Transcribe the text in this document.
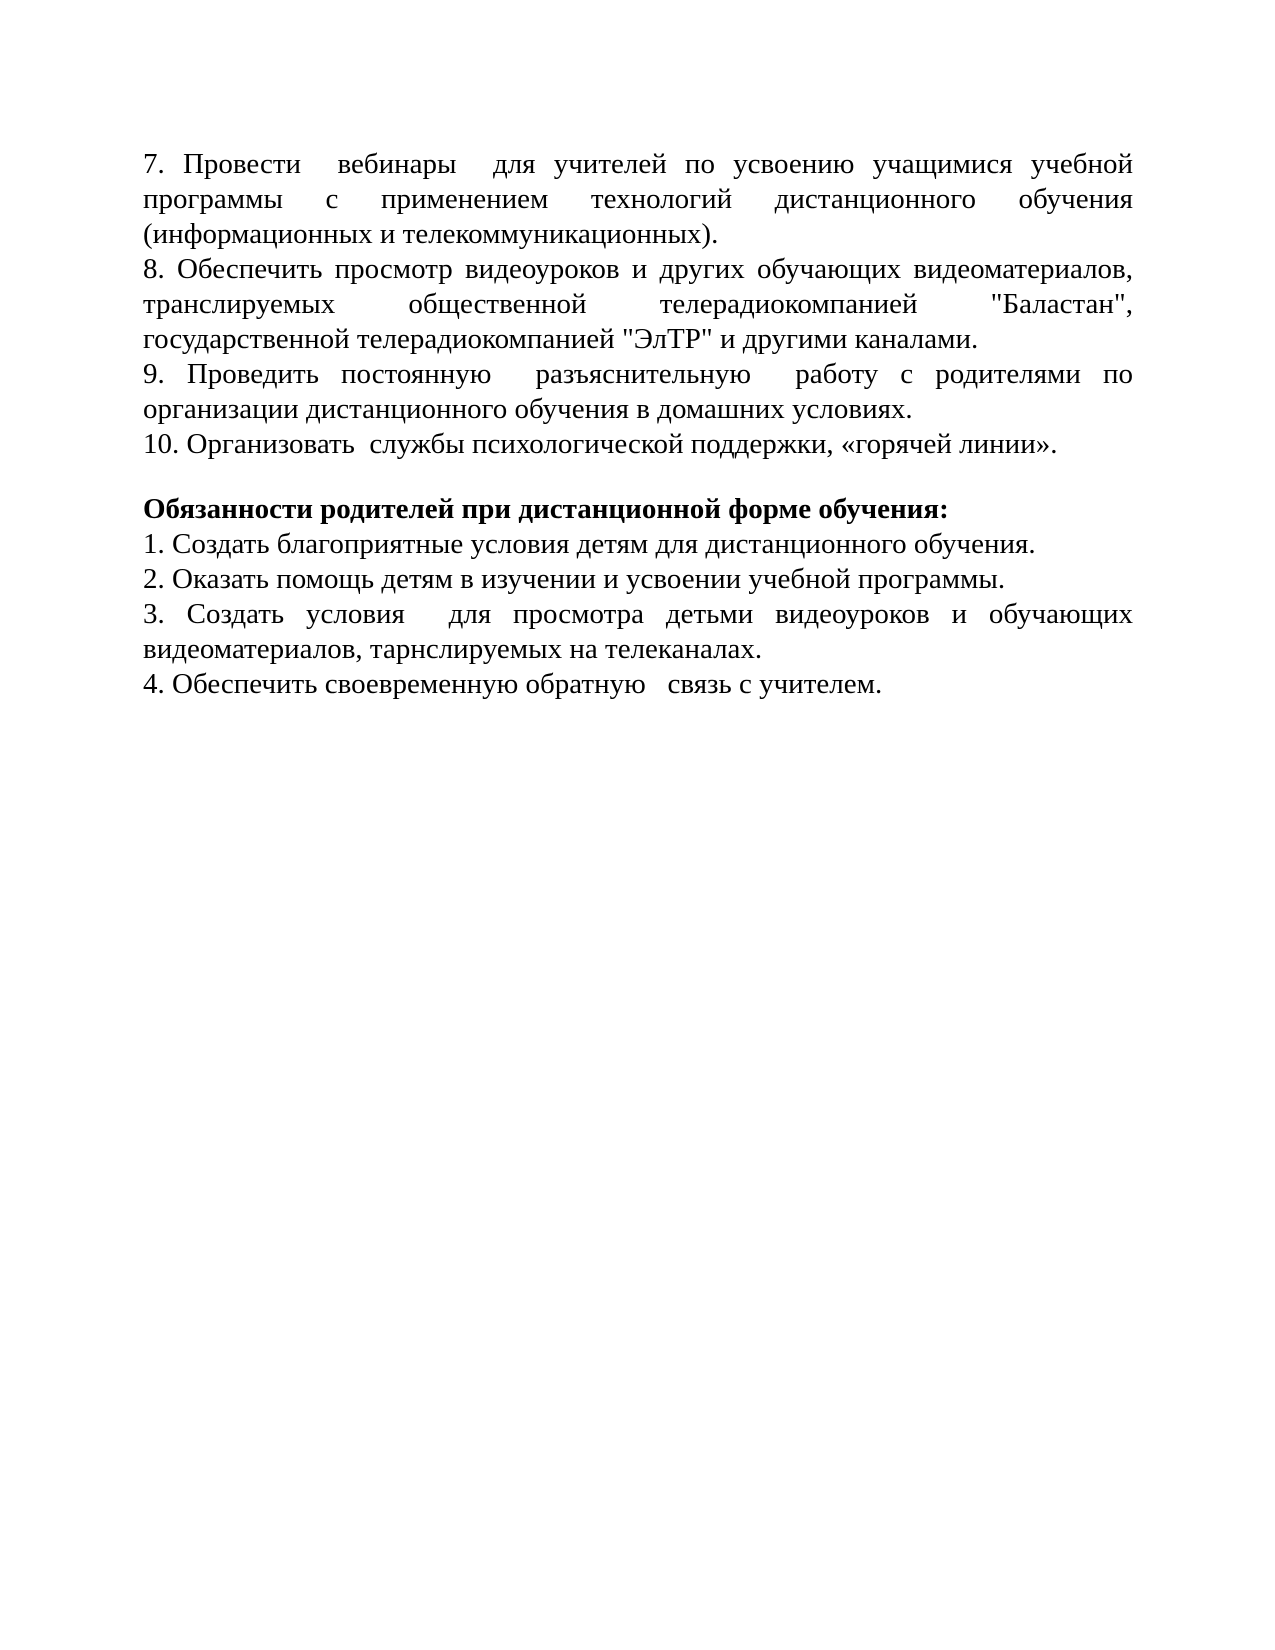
7. Провести  вебинары  для учителей по усвоению учащимися учебной
программы  с  применением  технологий  дистанционного  обучения
(информационных и телекоммуникационных).
8. Обеспечить просмотр видеоуроков и других обучающих видеоматериалов,
транслируемых общественной телерадиокомпанией "Баластан",
государственной телерадиокомпанией "ЭлТР" и другими каналами.
9. Проведить постоянную  разъяснительную  работу с родителями по
организации дистанционного обучения в домашних условиях.
10. Организовать  службы психологической поддержки, «горячей линии».
Обязанности родителей при дистанционной форме обучения:
1. Создать благоприятные условия детям для дистанционного обучения.
2. Оказать помощь детям в изучении и усвоении учебной программы.
3. Создать условия  для просмотра детьми видеоуроков и обучающих
видеоматериалов, тарнслируемых на телеканалах.
4. Обеспечить своевременную обратную   связь с учителем.
